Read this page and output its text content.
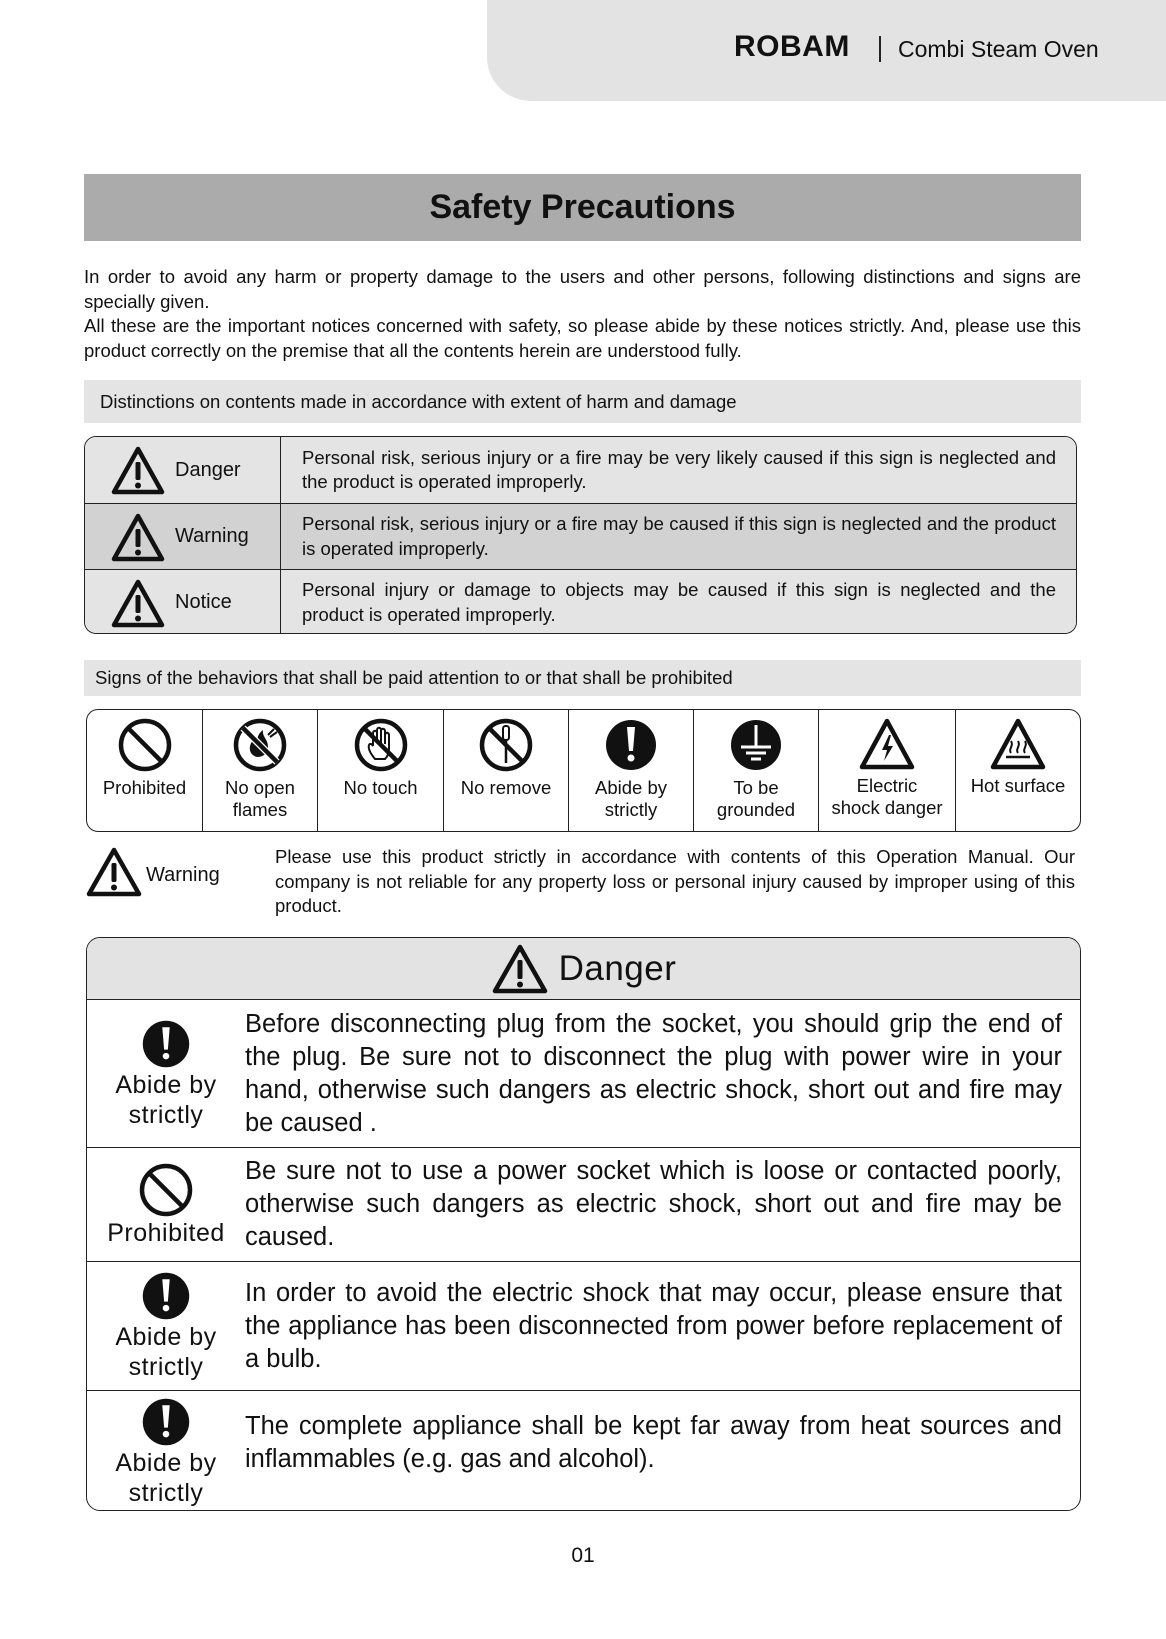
ROBAM Combi Steam Oven
Safety Precautions

In order to avoid any harm or property damage to the users and other persons, following distinctions and signs are specially given.

All these are the important notices concerned with safety, so please abide by these notices strictly. And, please use this product correctly on the premise that all the contents herein are understood fully.

Distinctions on contents made in accordance with extent of harm and damage
Danger
Personal risk, serious injury or a fire may be very likely caused if this sign is neglected and the product is operated improperly.
Warning
Personal risk, serious injury or a fire may be caused if this sign is neglected and the product is operated improperly.
Notice
Personal injury or damage to objects may be caused if this sign is neglected and the product is operated improperly.
Signs of the behaviors that shall be paid attention to or that shall be prohibited
Prohibited No open
flames
No touch No remove Abide by
strictly
To be
grounded
Electric
shock danger
Hot surface
Warning
Please use this product strictly in accordance with contents of this Operation Manual. Our company is not reliable for any property loss or personal injury caused by improper using of this product.
Danger
Abide by
strictly
Before disconnecting plug from the socket, you should grip the end of the plug. Be sure not to disconnect the plug with power wire in your hand, otherwise such dangers as electric shock, short out and fire may be caused .
Prohibited
Be sure not to use a power socket which is loose or contacted poorly, otherwise such dangers as electric shock, short out and fire may be caused.
Abide by
strictly
In order to avoid the electric shock that may occur, please ensure that the appliance has been disconnected from power before replacement of a bulb.
Abide by
strictly
The complete appliance shall be kept far away from heat sources and inflammables (e.g. gas and alcohol).
01
